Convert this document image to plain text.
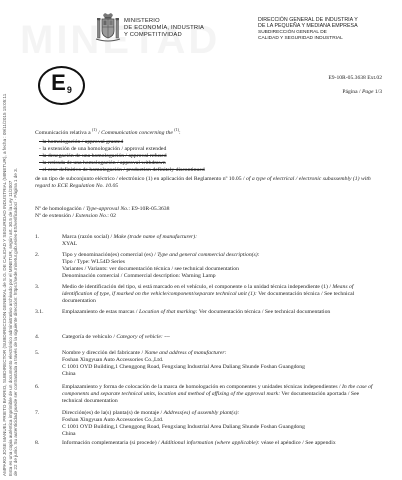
AMPARO JOSE MANUEL PRIETO BARRIO, SUBDIRECTOR (SUBDIRECCION GENERAL de S.G. DE CALIDAD Y SEGURIDAD INDUSTRIAL (MINETUR), a fecha : 09/11/2015 15:05:11 Esta es una copia auténtica imprimible de un documento electrónico administrativo archivado por el MINETUR, según art. 30.5 de la Ley 11/2007 de 22 de junio. Su autenticidad puede ser contrastada a través de la siguiente dirección: https://sede.minetur.gob.es/es-ES/verificadoc/ · Página 1 de 3.
MINISTERIO
DE ECONOMÍA, INDUSTRIA
Y COMPETITIVIDAD
DIRECCIÓN GENERAL DE INDUSTRIA Y
DE LA PEQUEÑA Y MEDIANA EMPRESA
SUBDIRECCIÓN GENERAL DE
CALIDAD Y SEGURIDAD INDUSTRIAL
$E^9$
E9-10R-05.3638 Ext.02
Página / Page 1/3
Comunicación relativa a $^{(1)}$ / Communication concerning the $^{(1)}$:
- la homologación / approval granted
- la extensión de una homologación / approval extended
- la denegación de una homologación / approval refused
- la retirada de una homologación / approval withdrawn
- el cese definitivo de homologación / production definitely discontinued
de un tipo de subconjunto eléctrico / electrónico (1) en aplicación del Reglamento nº 10.05 / of a type of electrical / electronic subassembly (1) with regard to ECE Regulation No. 10.05
Nº de homologación / Type-approval No.: E9-10R-05.3638
Nº de extensión / Extension No.: 02
1.	Marca (razón social) / Make (trade name of manufacturer):
XYAL
2.	Tipo y denominación(es) comercial (es) / Type and general commercial description(s):
Tipo / Type: WL54D Series
Variantes / Variants: ver documentación técnica / see technical documentation
Denominación comercial / Commercial description: Warning Lamp
3.	Medio de identificación del tipo, si está marcado en el vehículo, el componente o la unidad técnica independiente (1) / Means of identification of type, if marked on the vehicle/component/separate technical unit (1): Ver documentación técnica / See technical documentation
3.1.	Emplazamiento de estas marcas / Location of that marking: Ver documentación técnica / See technical documentation
4.	Categoría de vehículo / Category of vehicle: ---
5.	Nombre y dirección del fabricante / Name and address of manufacturer:
Foshan Xingyuan Auto Accessories Co.,Ltd.
C 1001 OYD Building,1 Chenggong Road, Fengxiang Industrial Area Daliang Shunde Foshan Guangdong
China
6.	Emplazamiento y forma de colocación de la marca de homologación en componentes y unidades técnicas independientes / In the case of components and separate technical units, location and method of affixing of the approval mark: Ver documentación aportada / See technical documentation
7.	Dirección(es) de la(s) planta(s) de montaje / Address(es) of assembly plant(s):
Foshan Xingyuan Auto Accessories Co.,Ltd.
C 1001 OYD Building,1 Chenggong Road, Fengxiang Industrial Area Daliang Shunde Foshan Guangdong
China
8.	Información complementaria (si procede) / Additional information (where applicable): véase el apéndice / See appendix
